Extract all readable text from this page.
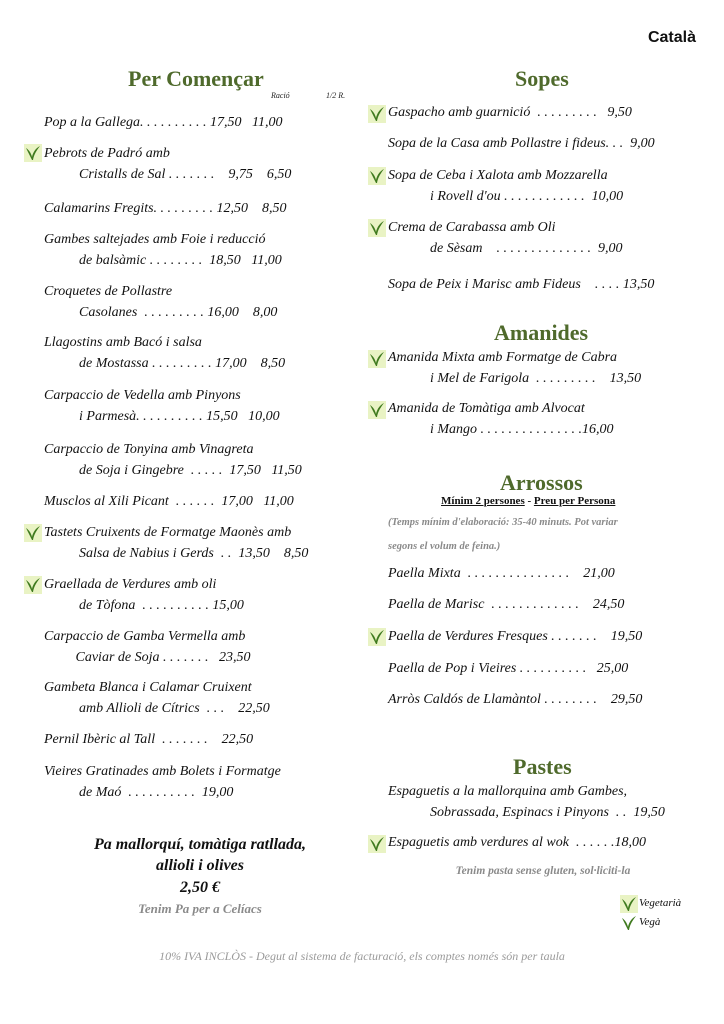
Català
Per Començar
Ració	1/2 R.
Pop a la Gallega. . . . . . . . . . 17,50   11,00
Pebrots de Padró amb
Cristalls de Sal . . . . . . .    9,75    6,50
Calamarins Fregits. . . . . . . . . 12,50    8,50
Gambes saltejades amb Foie i reducció
de balsàmic . . . . . . . .  18,50   11,00
Croquetes de Pollastre
Casolanes  . . . . . . . . . 16,00    8,00
Llagostins amb Bacó i salsa
de Mostassa . . . . . . . . . 17,00    8,50
Carpaccio de Vedella amb Pinyons
i Parmesà. . . . . . . . . . 15,50   10,00
Carpaccio de Tonyina amb Vinagreta
de Soja i Gingebre  . . . . .  17,50   11,50
Musclos al Xili Picant  . . . . . .  17,00   11,00
Tastets Cruixents de Formatge Maonès amb
Salsa de Nabius i Gerds  . .  13,50    8,50
Graellada de Verdures amb oli
de Tòfona  . . . . . . . . . . 15,00
Carpaccio de Gamba Vermella amb
Caviar de Soja . . . . . . .   23,50
Gambeta Blanca i Calamar Cruixent
amb Allioli de Cítrics  . . .    22,50
Pernil Ibèric al Tall  . . . . . . .    22,50
Vieires Gratinades amb Bolets i Formatge
de Maó  . . . . . . . . . .  19,00
Pa mallorquí, tomàtiga ratllada,
allioli i olives
2,50 €
Tenim Pa per a Celíacs
Sopes
Gaspacho amb guarnició  . . . . . . . . .   9,50
Sopa de la Casa amb Pollastre i fideus. . .  9,00
Sopa de Ceba i Xalota amb Mozzarella
i Rovell d'ou . . . . . . . . . . . .  10,00
Crema de Carabassa amb Oli
de Sèsam    . . . . . . . . . . . . . .  9,00
Sopa de Peix i Marisc amb Fideus    . . . . 13,50
Amanides
Amanida Mixta amb Formatge de Cabra
i Mel de Farigola  . . . . . . . . .    13,50
Amanida de Tomàtiga amb Alvocat
i Mango . . . . . . . . . . . . . . .16,00
Arrossos
Mínim 2 persones - Preu per Persona
(Temps mínim d'elaboració: 35-40 minuts. Pot variar
segons el volum de feina.)
Paella Mixta  . . . . . . . . . . . . . . .    21,00
Paella de Marisc  . . . . . . . . . . . . .    24,50
Paella de Verdures Fresques . . . . . . .    19,50
Paella de Pop i Vieires . . . . . . . . . .   25,00
Arròs Caldós de Llamàntol . . . . . . . .    29,50
Pastes
Espaguetis a la mallorquina amb Gambes,
Sobrassada, Espinacs i Pinyons  . .  19,50
Espaguetis amb verdures al wok  . . . . . .18,00
Tenim pasta sense gluten, sol·liciti-la
Vegetarià
Vegà
10% IVA INCLÒS - Degut al sistema de facturació, els comptes només són per taula
